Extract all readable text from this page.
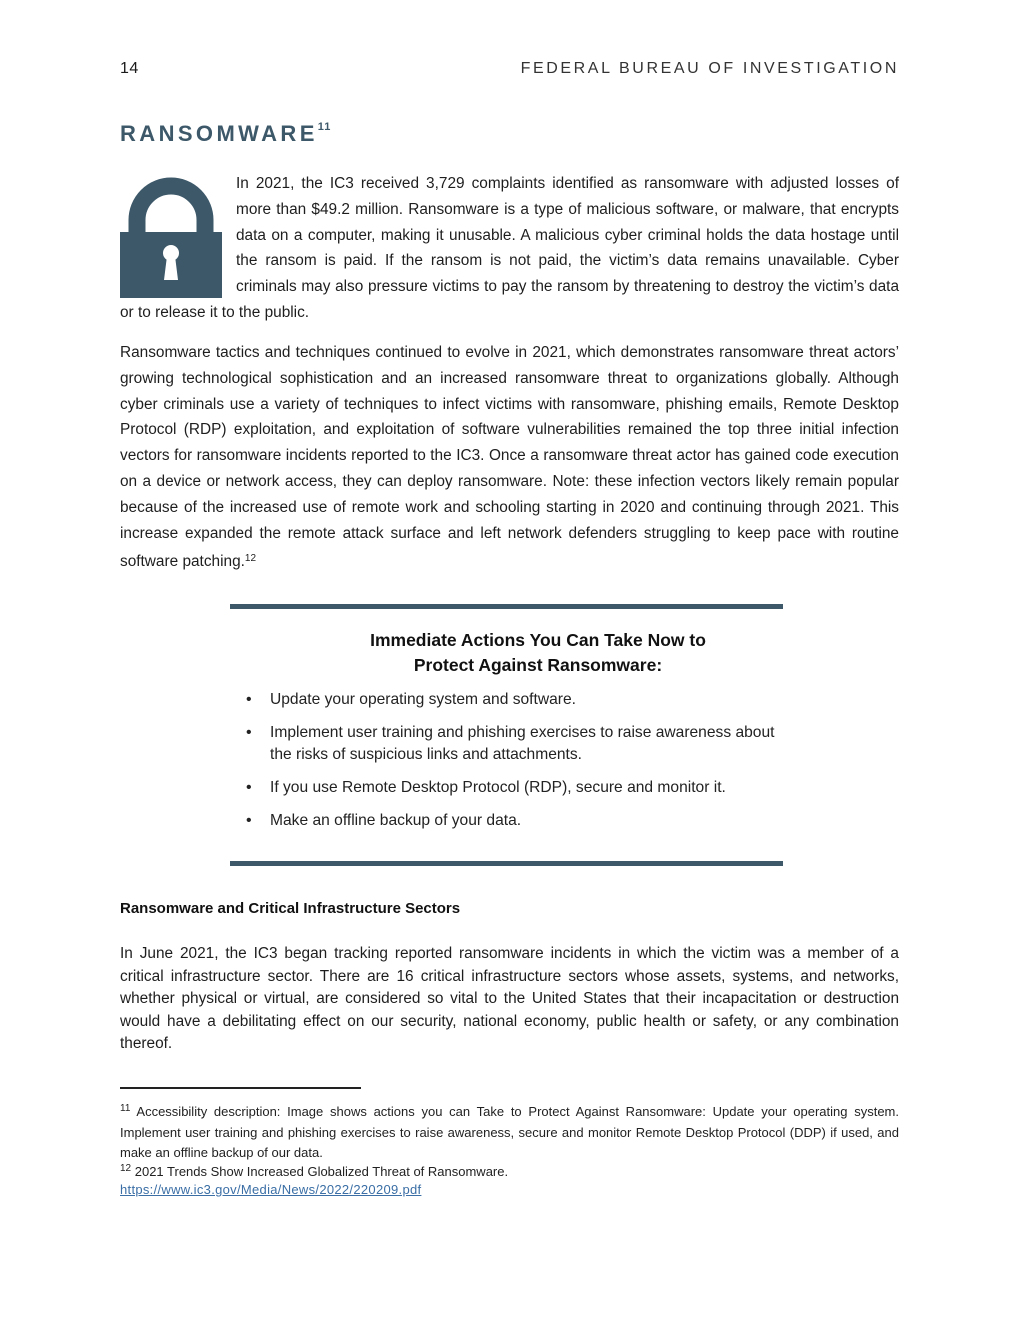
14	FEDERAL BUREAU OF INVESTIGATION
RANSOMWARE$^{11}$
In 2021, the IC3 received 3,729 complaints identified as ransomware with adjusted losses of more than $49.2 million. Ransomware is a type of malicious software, or malware, that encrypts data on a computer, making it unusable. A malicious cyber criminal holds the data hostage until the ransom is paid. If the ransom is not paid, the victim’s data remains unavailable. Cyber criminals may also pressure victims to pay the ransom by threatening to destroy the victim’s data or to release it to the public.
Ransomware tactics and techniques continued to evolve in 2021, which demonstrates ransomware threat actors’ growing technological sophistication and an increased ransomware threat to organizations globally. Although cyber criminals use a variety of techniques to infect victims with ransomware, phishing emails, Remote Desktop Protocol (RDP) exploitation, and exploitation of software vulnerabilities remained the top three initial infection vectors for ransomware incidents reported to the IC3. Once a ransomware threat actor has gained code execution on a device or network access, they can deploy ransomware. Note: these infection vectors likely remain popular because of the increased use of remote work and schooling starting in 2020 and continuing through 2021. This increase expanded the remote attack surface and left network defenders struggling to keep pace with routine software patching.$^{12}$
Immediate Actions You Can Take Now to
Protect Against Ransomware:
• Update your operating system and software.
• Implement user training and phishing exercises to raise awareness about the risks of suspicious links and attachments.
• If you use Remote Desktop Protocol (RDP), secure and monitor it.
• Make an offline backup of your data.
Ransomware and Critical Infrastructure Sectors
In June 2021, the IC3 began tracking reported ransomware incidents in which the victim was a member of a critical infrastructure sector. There are 16 critical infrastructure sectors whose assets, systems, and networks, whether physical or virtual, are considered so vital to the United States that their incapacitation or destruction would have a debilitating effect on our security, national economy, public health or safety, or any combination thereof.
$^{11}$ Accessibility description: Image shows actions you can Take to Protect Against Ransomware: Update your operating system. Implement user training and phishing exercises to raise awareness, secure and monitor Remote Desktop Protocol (DDP) if used, and make an offline backup of our data.
$^{12}$ 2021 Trends Show Increased Globalized Threat of Ransomware.
https://www.ic3.gov/Media/News/2022/220209.pdf
